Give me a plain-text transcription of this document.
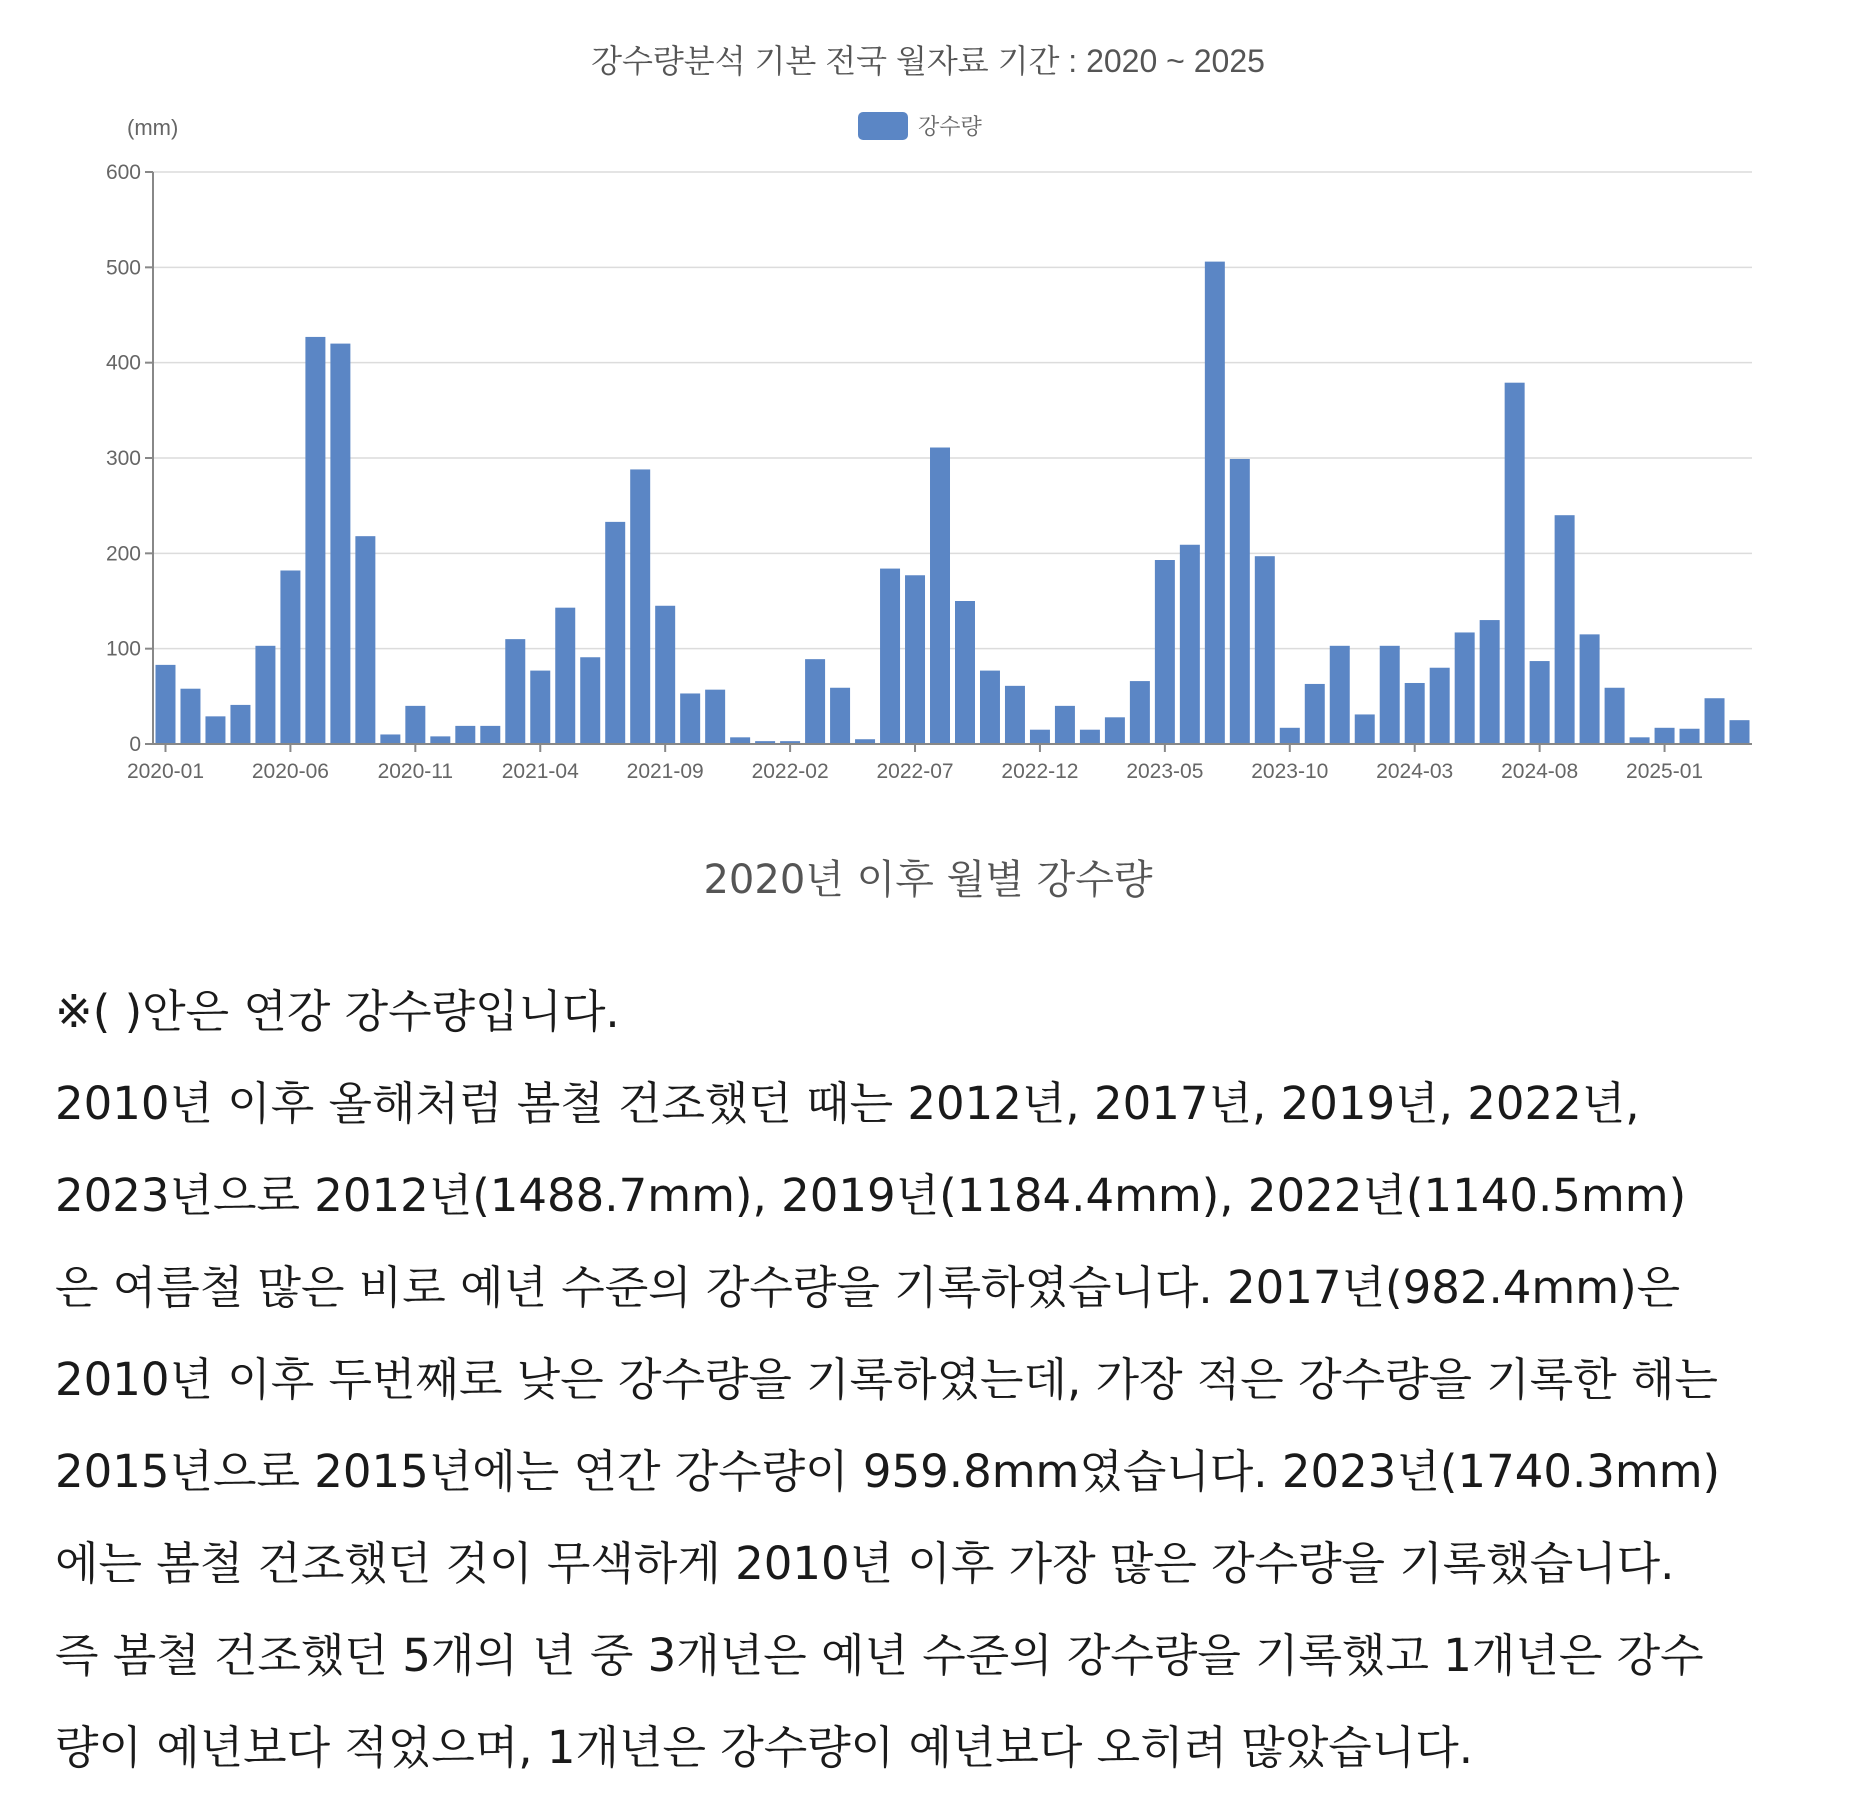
강수량분석 기본 전국 월자료 기간 : 2020 ~ 2025
강수량
(mm)
0
100
200
300
400
500
600
2020-01 2020-06 2020-11 2021-04 2021-09 2022-02 2022-07 2022-12 2023-05 2023-10 2024-03 2024-08 2025-01
2020년 이후 월별 강수량

※( )안은 연강 강수량입니다.

2010년 이후 올해처럼 봄철 건조했던 때는 2012년, 2017년, 2019년, 2022년,

2023년으로 2012년(1488.7mm), 2019년(1184.4mm), 2022년(1140.5mm)

은 여름철 많은 비로 예년 수준의 강수량을 기록하였습니다. 2017년(982.4mm)은

2010년 이후 두번째로 낮은 강수량을 기록하였는데, 가장 적은 강수량을 기록한 해는

2015년으로 2015년에는 연간 강수량이 959.8mm였습니다. 2023년(1740.3mm)

에는 봄철 건조했던 것이 무색하게 2010년 이후 가장 많은 강수량을 기록했습니다.

즉 봄철 건조했던 5개의 년 중 3개년은 예년 수준의 강수량을 기록했고 1개년은 강수

량이 예년보다 적었으며, 1개년은 강수량이 예년보다 오히려 많았습니다.
